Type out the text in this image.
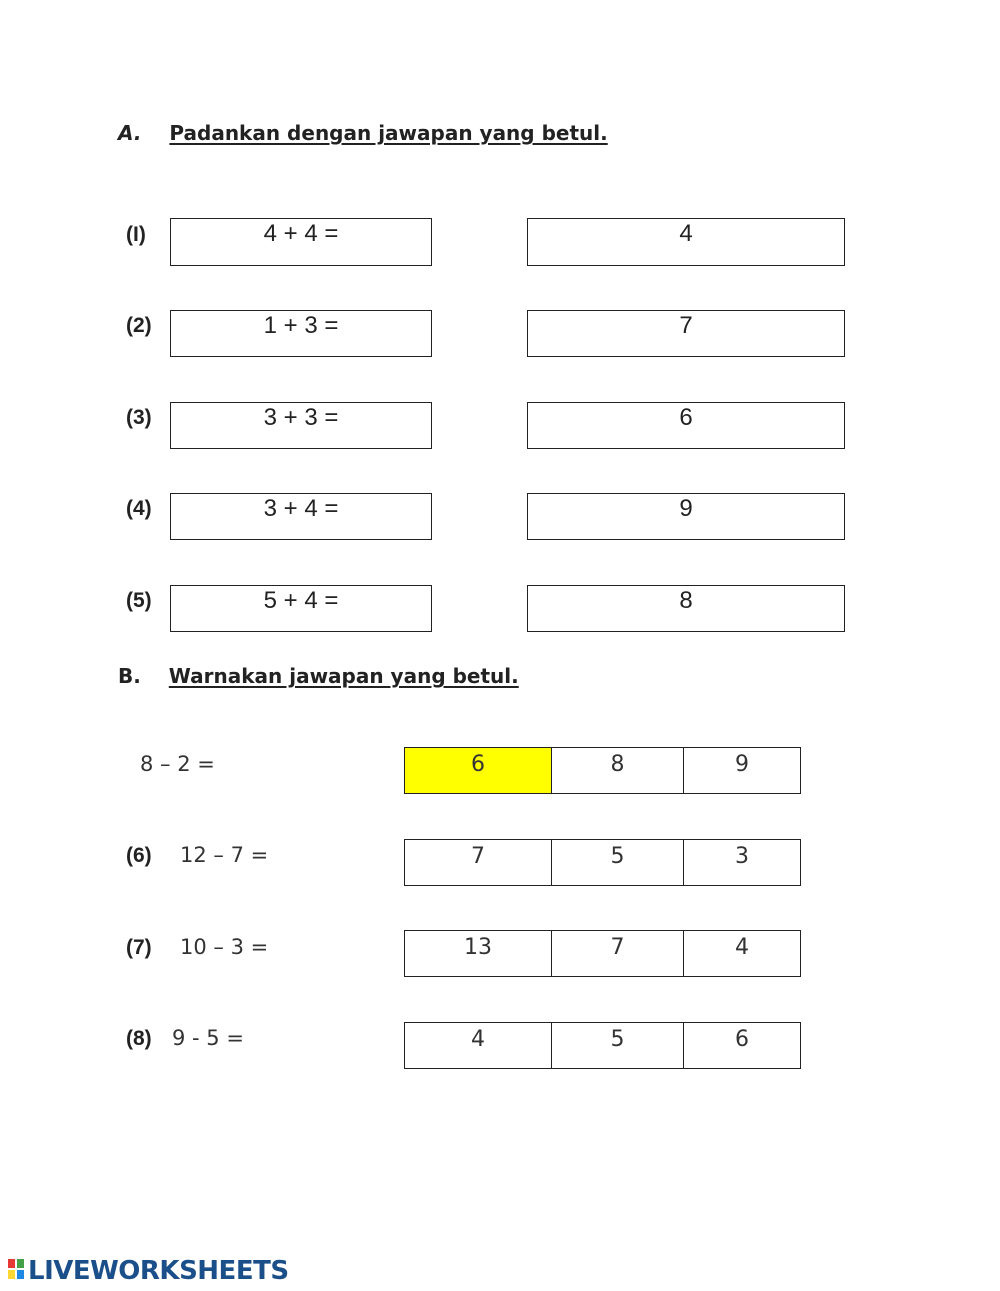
A. Padankan dengan jawapan yang betul.
(I)	4 + 4 =	4
(2)	1 + 3 =	7
(3)	3 + 3 =	6
(4)	3 + 4 =	9
(5)	5 + 4 =	8
B. Warnakan jawapan yang betul.
8 – 2 =	6	8	9
(6) 12 – 7 =	7	5	3
(7) 10 – 3 =	13	7	4
(8) 9 - 5 =	4	5	6
LIVEWORKSHEETS
